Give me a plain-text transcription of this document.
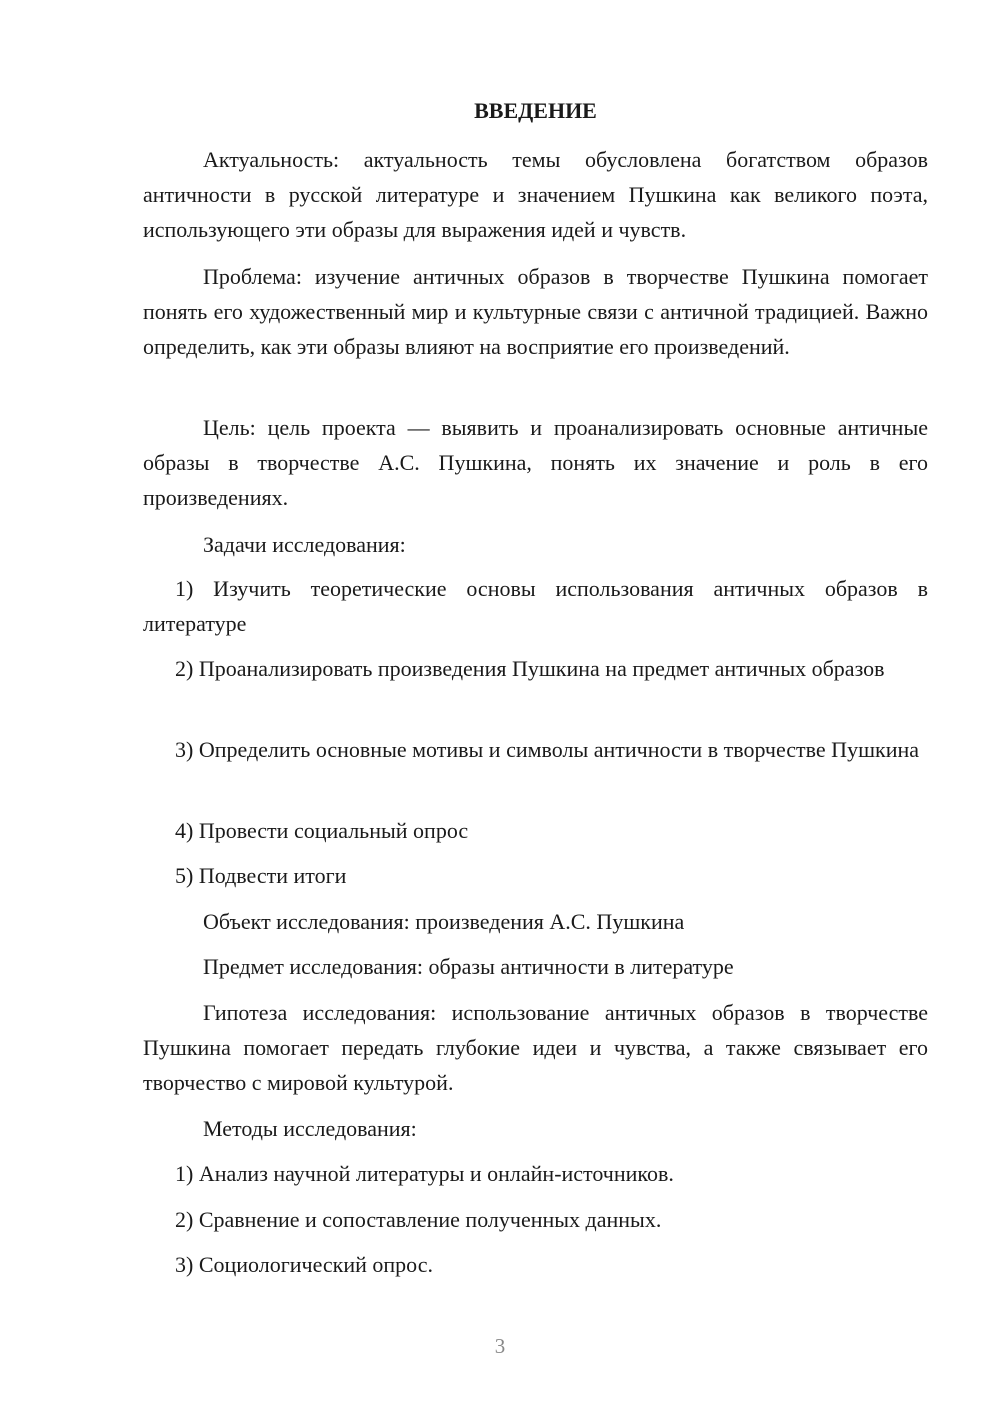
ВВЕДЕНИЕ

Актуальность: актуальность темы обусловлена богатством образов античности в русской литературе и значением Пушкина как великого поэта, использующего эти образы для выражения идей и чувств.

Проблема: изучение античных образов в творчестве Пушкина помогает понять его художественный мир и культурные связи с античной традицией. Важно определить, как эти образы влияют на восприятие его произведений.

Цель: цель проекта — выявить и проанализировать основные античные образы в творчестве А.С. Пушкина, понять их значение и роль в его произведениях.

Задачи исследования:

1) Изучить теоретические основы использования античных образов в литературе

2) Проанализировать произведения Пушкина на предмет античных образов

3) Определить основные мотивы и символы античности в творчестве Пушкина

4) Провести социальный опрос

5) Подвести итоги

Объект исследования: произведения А.С. Пушкина

Предмет исследования: образы античности в литературе

Гипотеза исследования: использование античных образов в творчестве Пушкина помогает передать глубокие идеи и чувства, а также связывает его творчество с мировой культурой.

Методы исследования:

1) Анализ научной литературы и онлайн-источников.

2) Сравнение и сопоставление полученных данных.

3) Социологический опрос.

3
